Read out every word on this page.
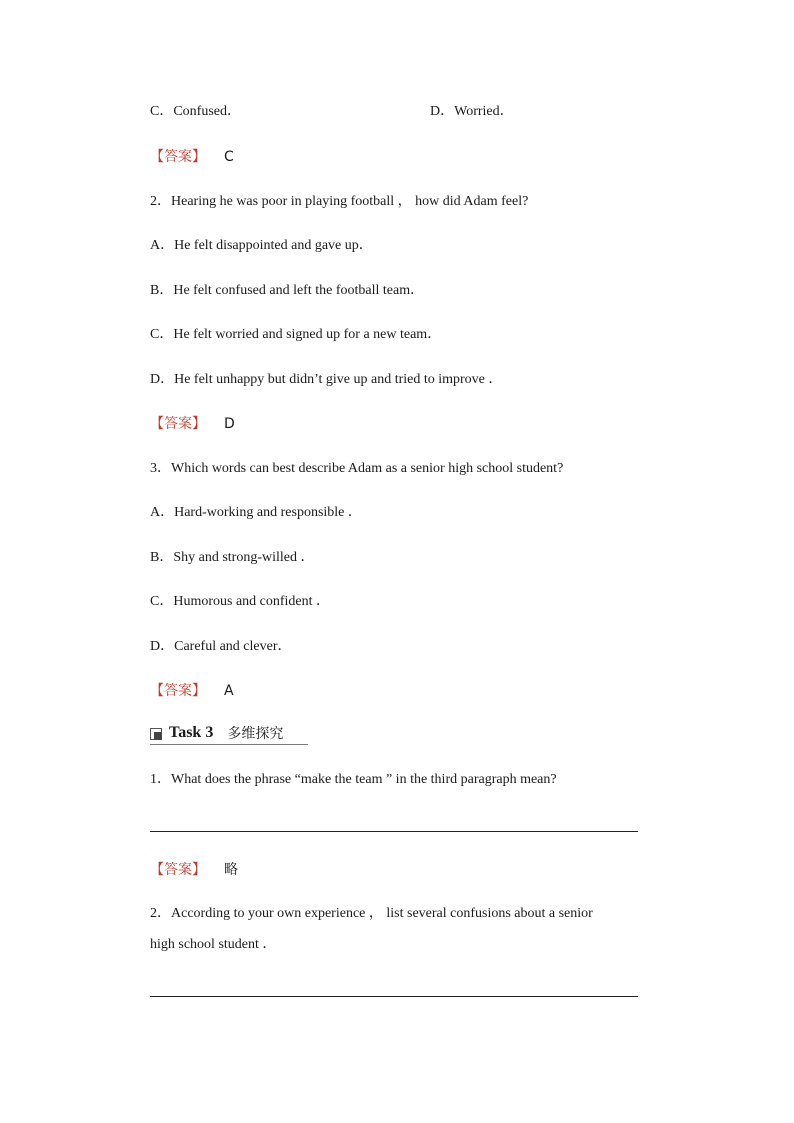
C．Confused．	D．Worried．
【答案】 C
2．Hearing he was poor in playing football ， how did Adam feel?
A．He felt disappointed and gave up．
B．He felt confused and left the football team．
C．He felt worried and signed up for a new team．
D．He felt unhappy but didn’t give up and tried to improve ．
【答案】 D
3．Which words can best describe Adam as a senior high school student?
A．Hard-working and responsible ．
B．Shy and strong-willed ．
C．Humorous and confident ．
D．Careful and clever．
【答案】 A
Task 3 多维探究
1．What does the phrase “make the team ” in the third paragraph mean?
【答案】 略
2．According to your own experience ， list several confusions about a senior
high school student ．
